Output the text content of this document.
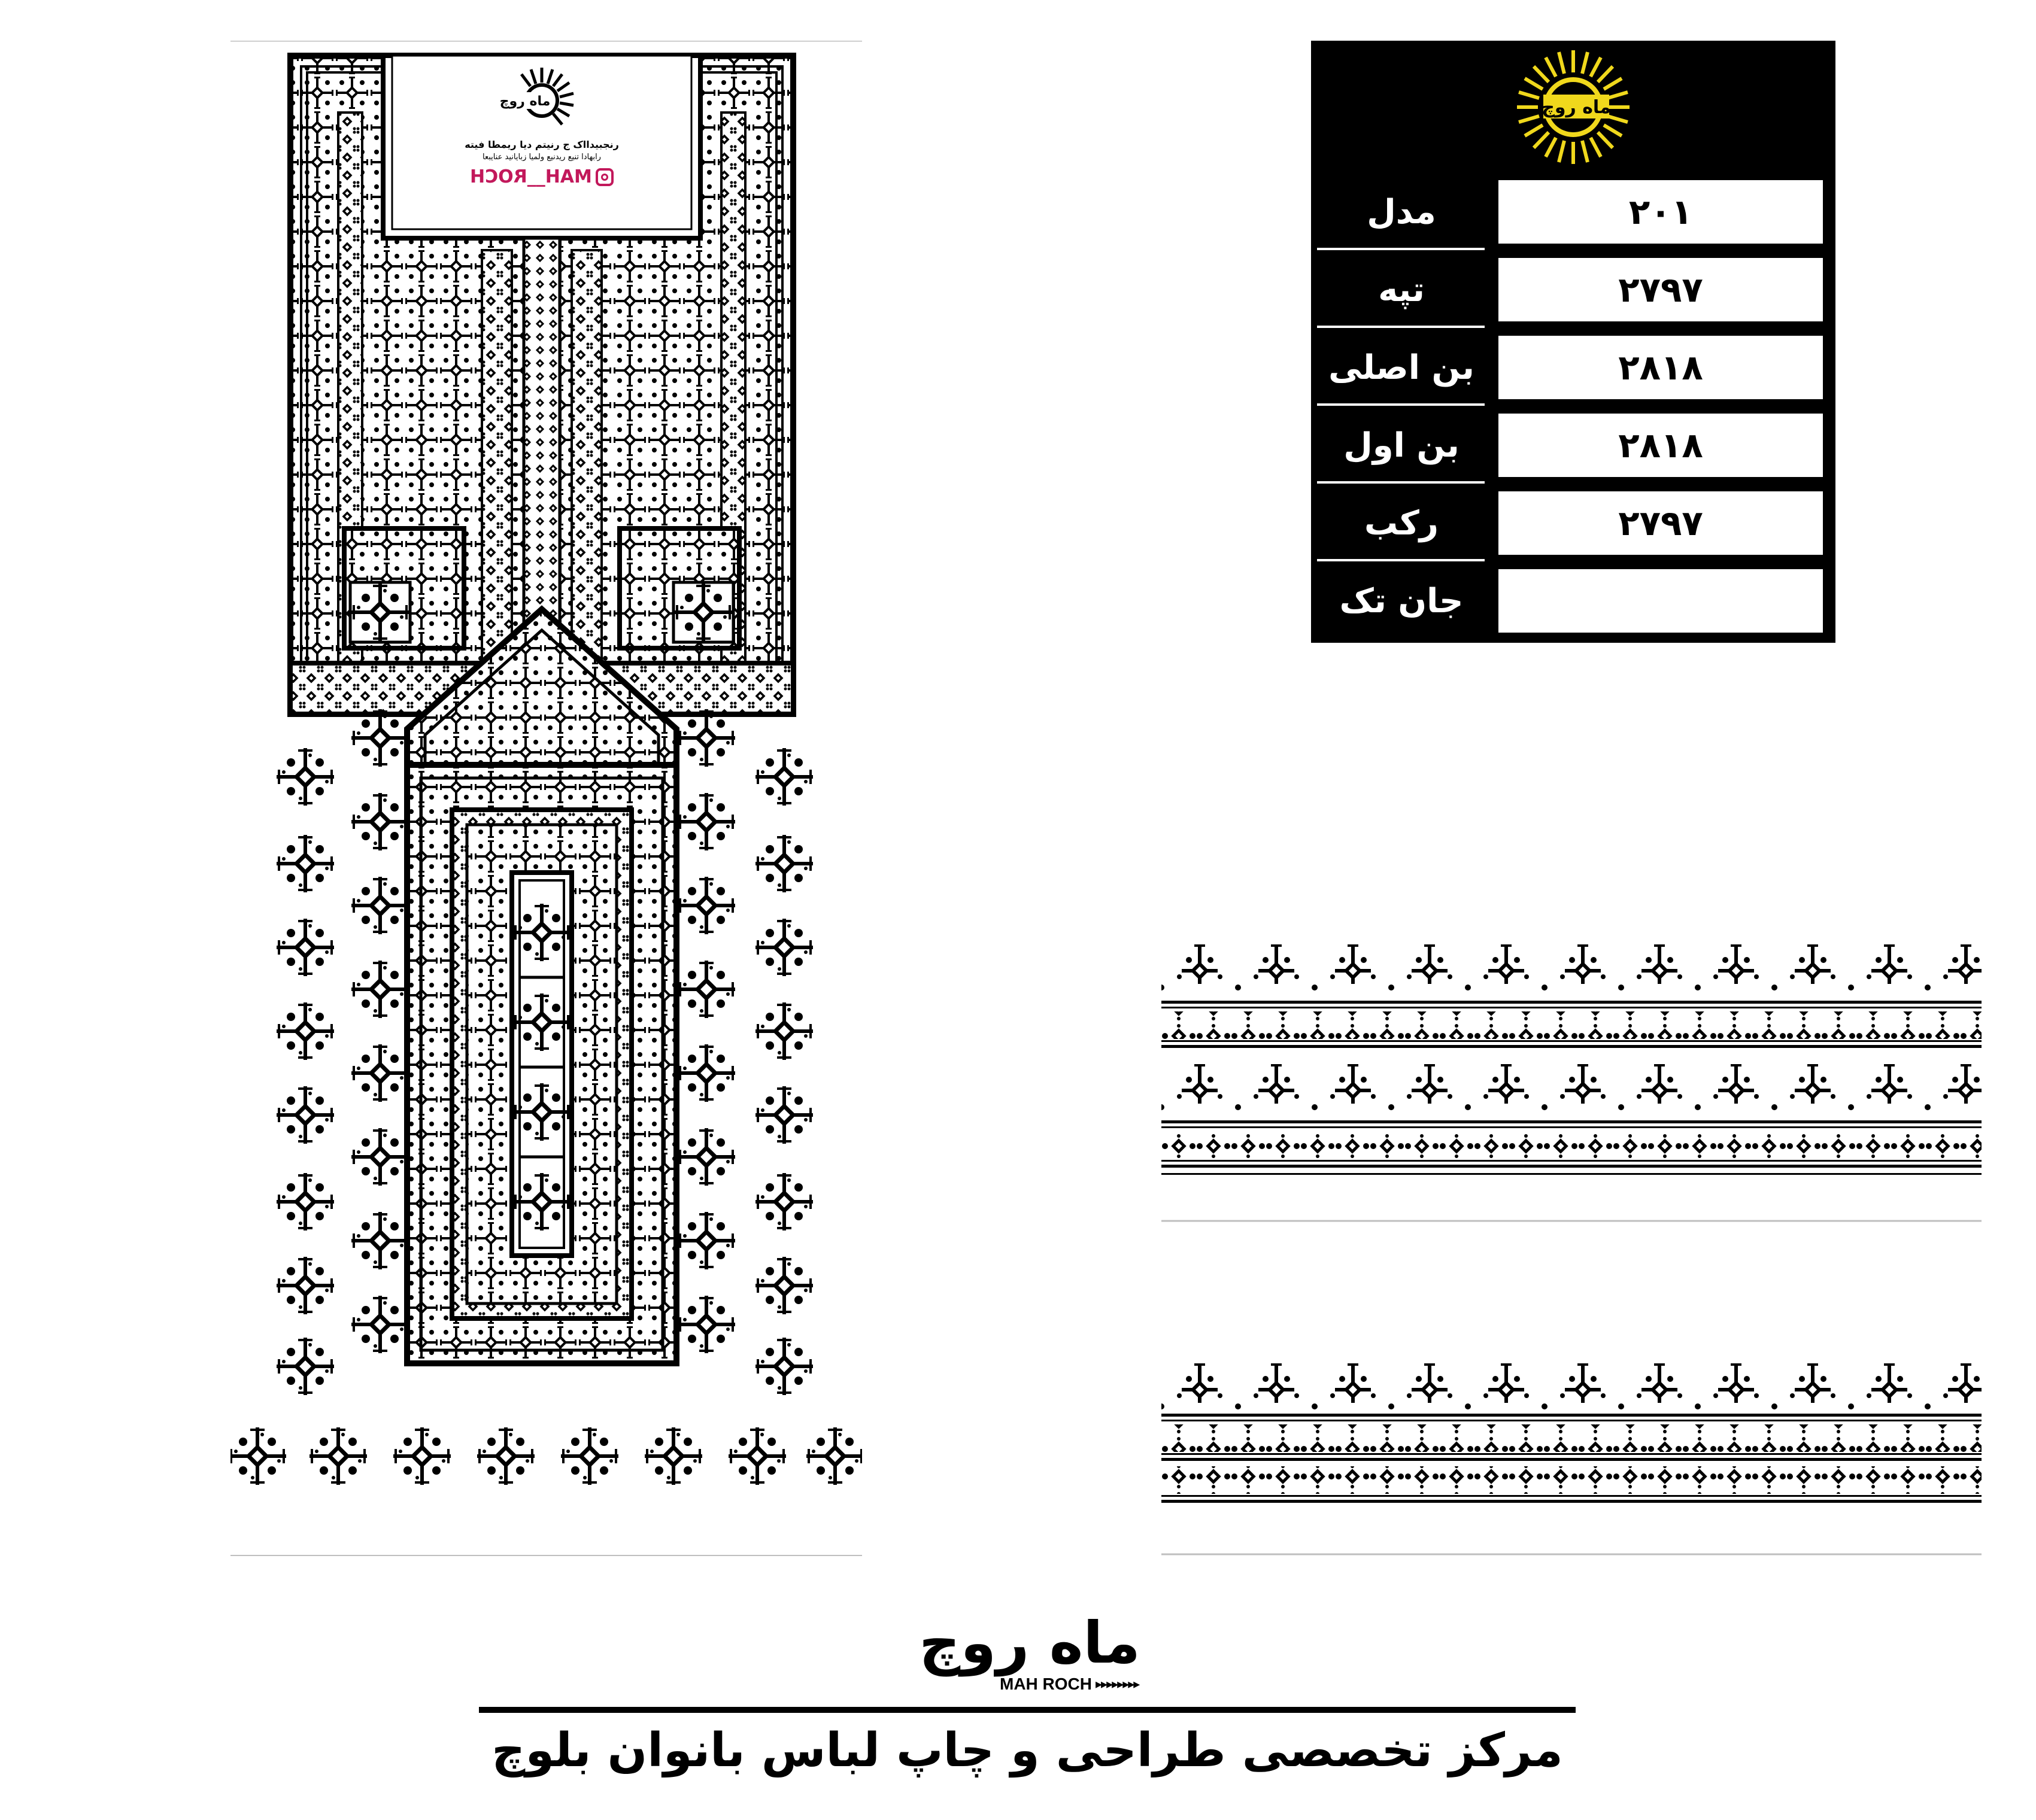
ماه روچ
رنجبیدااک ج رنیتم دیا ریمطا فیته
رابهادا تنیع ریدنیع ولمیا زبایانید عنایبعا
MAH__ROCH
ماه روچ
۲۰۱
مدل
۲۷۹۷
تپه
۲۸۱۸
بن اصلی
۲۸۱۸
بن اول
۲۷۹۷
رکب
جان تک
ماه روچ
MAH ROCH ▸▸▸▸▸▸▸▸
مرکز تخصصی طراحی و چاپ لباس بانوان بلوچ
